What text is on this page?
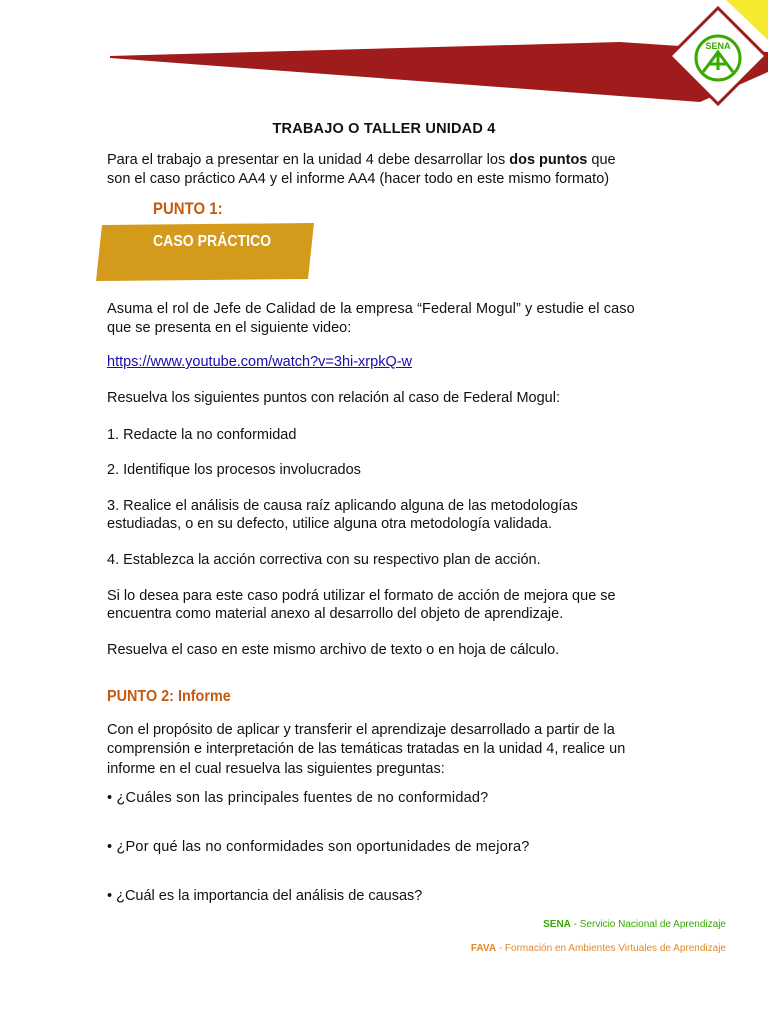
SENA
TRABAJO O TALLER UNIDAD 4
Para el trabajo a presentar en la unidad 4 debe desarrollar los dos puntos que
son el caso práctico AA4 y el informe AA4 (hacer todo en este mismo formato)
PUNTO 1:
CASO PRÁCTICO
Asuma el rol de Jefe de Calidad de la empresa “Federal Mogul” y estudie el caso
que se presenta en el siguiente video:
https://www.youtube.com/watch?v=3hi-xrpkQ-w
Resuelva los siguientes puntos con relación al caso de Federal Mogul:
1. Redacte la no conformidad
2. Identifique los procesos involucrados
3. Realice el análisis de causa raíz aplicando alguna de las metodologías
estudiadas, o en su defecto, utilice alguna otra metodología validada.
4. Establezca la acción correctiva con su respectivo plan de acción.
Si lo desea para este caso podrá utilizar el formato de acción de mejora que se
encuentra como material anexo al desarrollo del objeto de aprendizaje.
Resuelva el caso en este mismo archivo de texto o en hoja de cálculo.
PUNTO 2: Informe
Con el propósito de aplicar y transferir el aprendizaje desarrollado a partir de la
comprensión e interpretación de las temáticas tratadas en la unidad 4, realice un
informe en el cual resuelva las siguientes preguntas:
• ¿Cuáles son las principales fuentes de no conformidad?
• ¿Por qué las no conformidades son oportunidades de mejora?
• ¿Cuál es la importancia del análisis de causas?
SENA - Servicio Nacional de Aprendizaje
FAVA - Formación en Ambientes Virtuales de Aprendizaje
